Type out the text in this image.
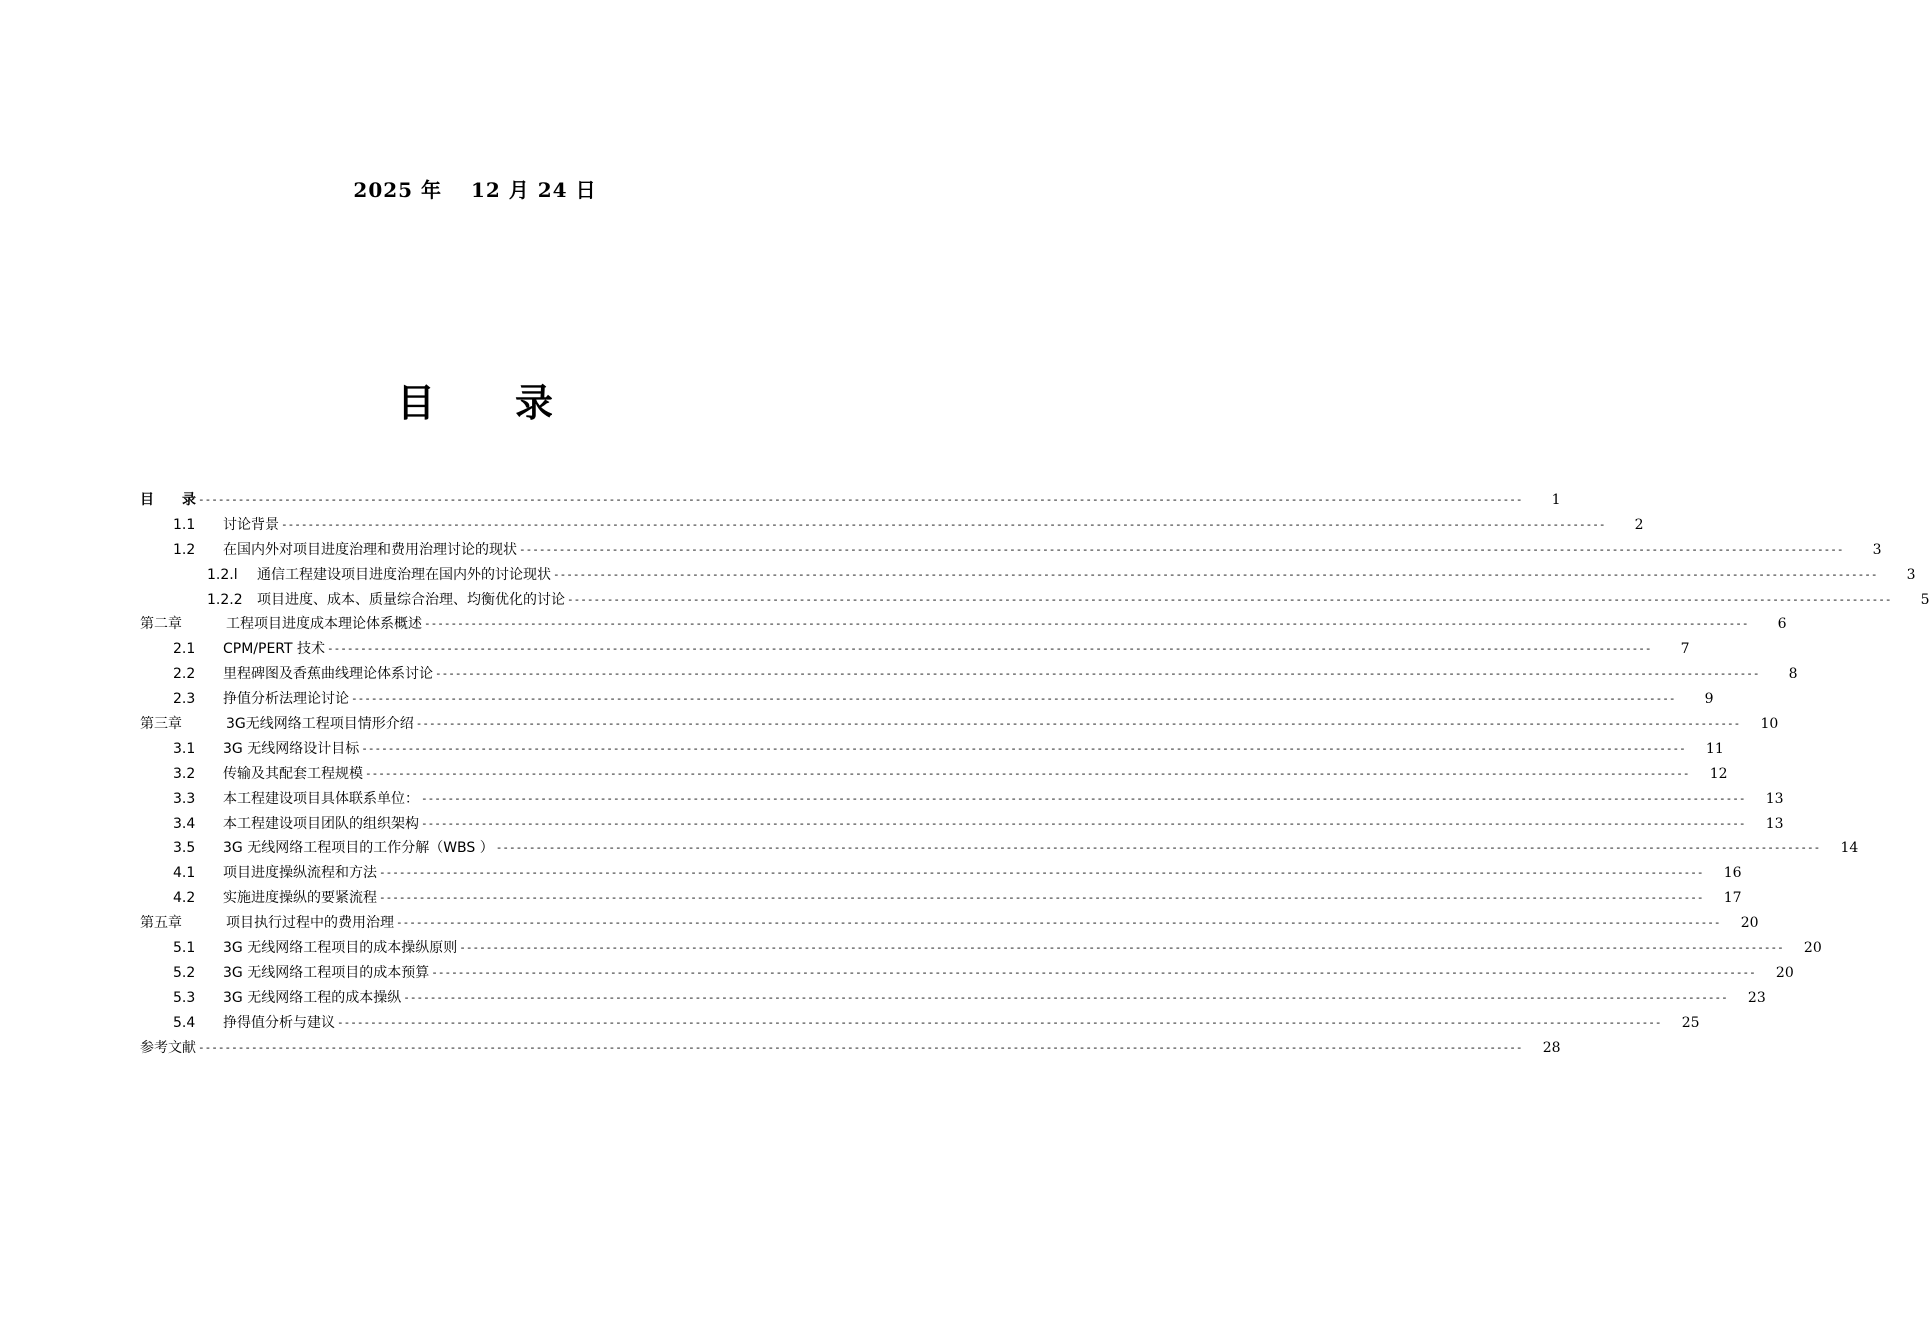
2025 年　 12 月 24 日
目 录
目　　录 --------------------------------------------------------------------------------------------------------------------------------------------------------------------------------------------------------	1
1.1 讨论背景 --------------------------------------------------------------------------------------------------------------------------------------------------------------------------------------------------------	2
1.2 在国内外对项目进度治理和费用治理讨论的现状 --------------------------------------------------------------------------------------------------------------------------------------------------------------------------------------------------------	3
1.2.l 通信工程建设项目进度治理在国内外的讨论现状 --------------------------------------------------------------------------------------------------------------------------------------------------------------------------------------------------------	3
1.2.2 项目进度、成本、质量综合治理、均衡优化的讨论 --------------------------------------------------------------------------------------------------------------------------------------------------------------------------------------------------------	5
第二章	工程项目进度成本理论体系概述 --------------------------------------------------------------------------------------------------------------------------------------------------------------------------------------------------------	6
2.1 CPM/PERT 技术 --------------------------------------------------------------------------------------------------------------------------------------------------------------------------------------------------------	7
2.2 里程碑图及香蕉曲线理论体系讨论 --------------------------------------------------------------------------------------------------------------------------------------------------------------------------------------------------------	8
2.3 挣值分析法理论讨论 --------------------------------------------------------------------------------------------------------------------------------------------------------------------------------------------------------	9
第三章	3G无线网络工程项目情形介绍 --------------------------------------------------------------------------------------------------------------------------------------------------------------------------------------------------------	10
3.1 3G 无线网络设计目标 --------------------------------------------------------------------------------------------------------------------------------------------------------------------------------------------------------	11
3.2 传输及其配套工程规模 --------------------------------------------------------------------------------------------------------------------------------------------------------------------------------------------------------	12
3.3 本工程建设项目具体联系单位： --------------------------------------------------------------------------------------------------------------------------------------------------------------------------------------------------------	13
3.4 本工程建设项目团队的组织架构 --------------------------------------------------------------------------------------------------------------------------------------------------------------------------------------------------------	13
3.5 3G 无线网络工程项目的工作分解（WBS ） --------------------------------------------------------------------------------------------------------------------------------------------------------------------------------------------------------	14
4.1 项目进度操纵流程和方法 --------------------------------------------------------------------------------------------------------------------------------------------------------------------------------------------------------	16
4.2 实施进度操纵的要紧流程 --------------------------------------------------------------------------------------------------------------------------------------------------------------------------------------------------------	17
第五章	项目执行过程中的费用治理 --------------------------------------------------------------------------------------------------------------------------------------------------------------------------------------------------------	20
5.1 3G 无线网络工程项目的成本操纵原则 --------------------------------------------------------------------------------------------------------------------------------------------------------------------------------------------------------	20
5.2 3G 无线网络工程项目的成本预算 --------------------------------------------------------------------------------------------------------------------------------------------------------------------------------------------------------	20
5.3 3G 无线网络工程的成本操纵 --------------------------------------------------------------------------------------------------------------------------------------------------------------------------------------------------------	23
5.4 挣得值分析与建议 --------------------------------------------------------------------------------------------------------------------------------------------------------------------------------------------------------	25
参考文献 --------------------------------------------------------------------------------------------------------------------------------------------------------------------------------------------------------	28
